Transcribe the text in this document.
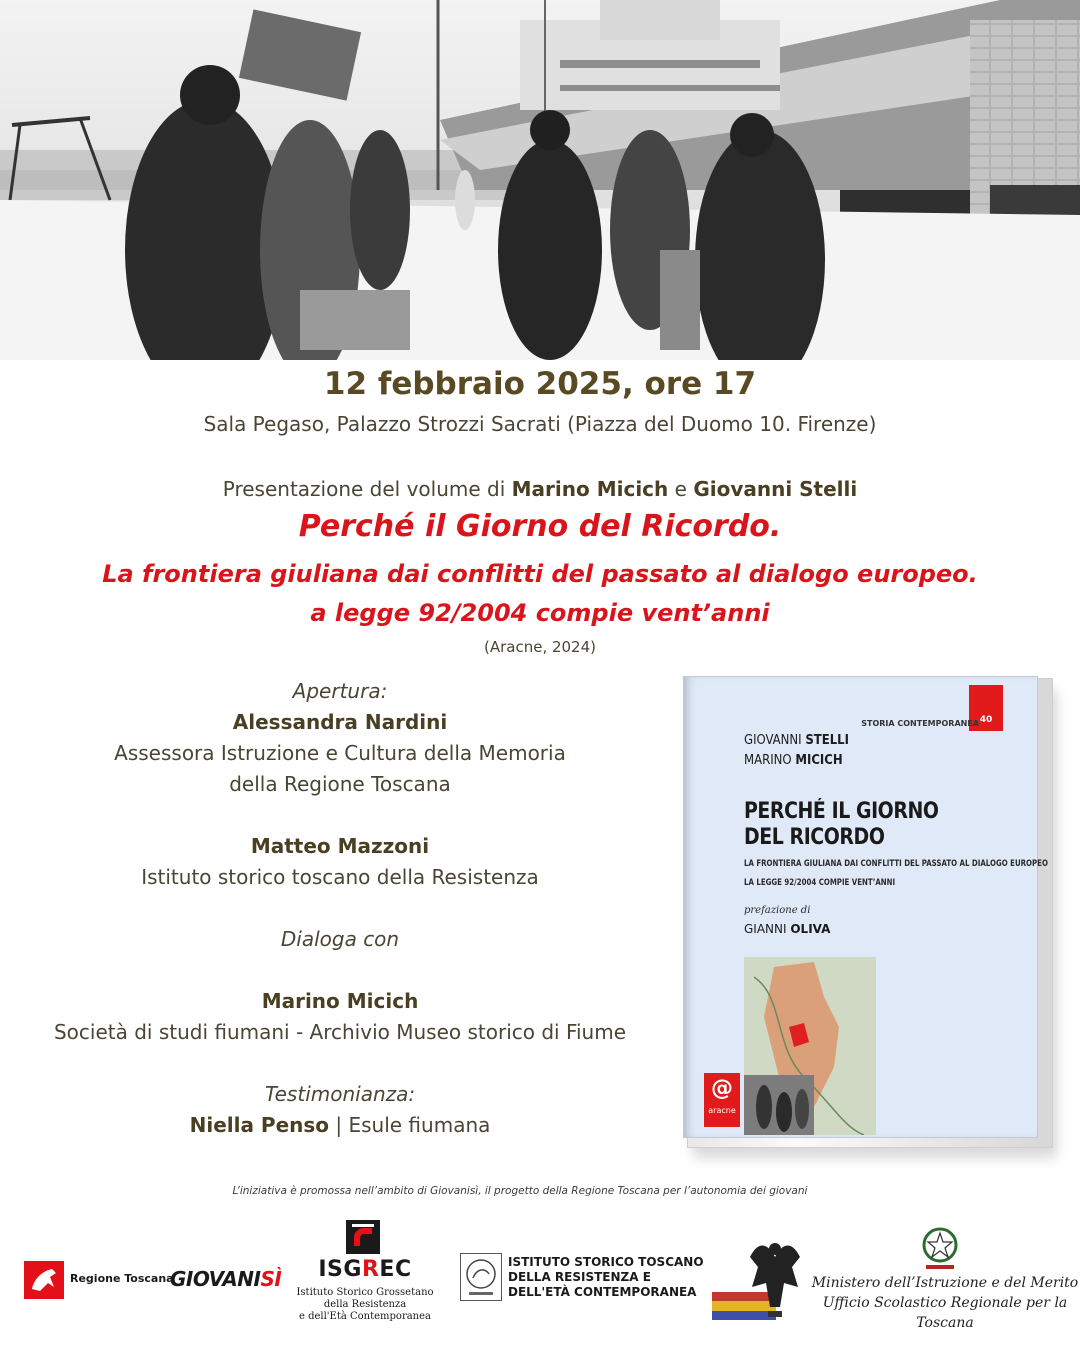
12 febbraio 2025, ore 17
Sala Pegaso, Palazzo Strozzi Sacrati (Piazza del Duomo 10. Firenze)
Presentazione del volume di Marino Micich e Giovanni Stelli
Perché il Giorno del Ricordo.
La frontiera giuliana dai conflitti del passato al dialogo europeo.
a legge 92/2004 compie vent’anni
(Aracne, 2024)
Apertura:
Alessandra Nardini
Assessora Istruzione e Cultura della Memoria
della Regione Toscana
Matteo Mazzoni
Istituto storico toscano della Resistenza
Dialoga con
Marino Micich
Società di studi fiumani - Archivio Museo storico di Fiume
Testimonianza:
Niella Penso | Esule fiumana
40
STORIA CONTEMPORANEA
GIOVANNI STELLI
MARINO MICICH
PERCHÉ IL GIORNO
DEL RICORDO
LA FRONTIERA GIULIANA DAI CONFLITTI DEL PASSATO AL DIALOGO EUROPEO
LA LEGGE 92/2004 COMPIE VENT’ANNI
prefazione di
GIANNI OLIVA
@
aracne
L’iniziativa è promossa nell’ambito di Giovanisì, il progetto della Regione Toscana per l’autonomia dei giovani
Regione Toscana
GIOVANISÌ	ISGREC
Istituto Storico Grossetano
della Resistenza
e dell'Età Contemporanea
ISTITUTO STORICO TOSCANO
DELLA RESISTENZA E
DELL'ETÀ CONTEMPORANEA
Ministero dell’Istruzione e del Merito
Ufficio Scolastico Regionale per la Toscana
